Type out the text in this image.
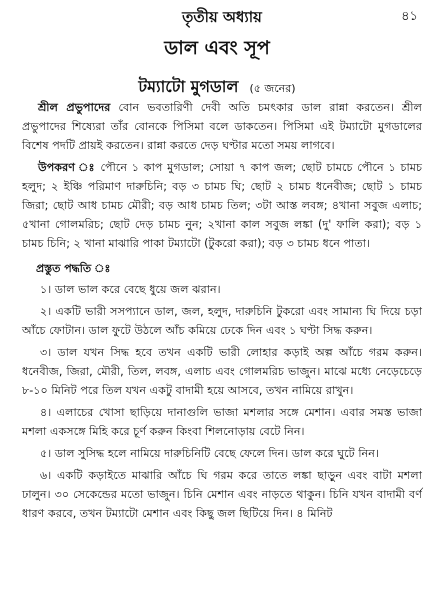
তৃতীয় অধ্যায়	৪১
ডাল এবং সূপ
টম্যাটো মুগডাল (৫ জনের)

শ্রীল প্রভুপাদের বোন ভবতারিণী দেবী অতি চমৎকার ডাল রান্না করতেন। শ্রীল প্রভুপাদের শিষ্যেরা তাঁর বোনকে পিসিমা বলে ডাকতেন। পিসিমা এই টম্যাটো মুগডালের বিশেষ পদটি প্রায়ই করতেন। রান্না করতে দেড় ঘণ্টার মতো সময় লাগবে।

উপকরণ ঃ পৌনে ১ কাপ মুগডাল; সোয়া ৭ কাপ জল; ছোট চামচে পৌনে ১ চামচ হলুদ; ২ ইঞ্চি পরিমাণ দারুচিনি; বড় ৩ চামচ ঘি; ছোট ২ চামচ ধনেবীজ; ছোট ১ চামচ জিরা; ছোট আধ চামচ মৌরী; বড় আধ চামচ তিল; ৩টা আস্ত লবঙ্গ; ৪খানা সবুজ এলাচ; ৫খানা গোলমরিচ; ছোট দেড় চামচ নুন; ২খানা কাল সবুজ লঙ্কা (দু' ফালি করা); বড় ১ চামচ চিনি; ২ খানা মাঝারি পাকা টম্যাটো (টুকরো করা); বড় ৩ চামচ ধনে পাতা।

প্রস্তুত পদ্ধতি ঃ

১। ডাল ভাল করে বেছে ধুয়ে জল ঝরান।

২। একটি ভারী সসপ্যানে ডাল, জল, হলুদ, দারুচিনি টুকরো এবং সামান্য ঘি দিয়ে চড়া আঁচে ফোটান। ডাল ফুটে উঠলে আঁচ কমিয়ে ঢেকে দিন এবং ১ ঘণ্টা সিদ্ধ করুন।

৩। ডাল যখন সিদ্ধ হবে তখন একটি ভারী লোহার কড়াই অল্প আঁচে গরম করুন। ধনেবীজ, জিরা, মৌরী, তিল, লবঙ্গ, এলাচ এবং গোলমরিচ ভাজুন। মাঝে মধ্যে নেড়েচেড়ে ৮-১০ মিনিট পরে তিল যখন একটু বাদামী হয়ে আসবে, তখন নামিয়ে রাখুন।

৪। এলাচের খোসা ছাড়িয়ে দানাগুলি ভাজা মশলার সঙ্গে মেশান। এবার সমস্ত ভাজা মশলা একসঙ্গে মিহি করে চূর্ণ করুন কিংবা শিলনোড়ায় বেটে নিন।

৫। ডাল সুসিদ্ধ হলে নামিয়ে দারুচিনিটি বেছে ফেলে দিন। ডাল করে ঘুটে নিন।

৬। একটি কড়াইতে মাঝারি আঁচে ঘি গরম করে তাতে লঙ্কা ছাড়ুন এবং বাটা মশলা ঢালুন। ৩০ সেকেন্ডের মতো ভাজুন। চিনি মেশান এবং নাড়তে থাকুন। চিনি যখন বাদামী বর্ণ ধারণ করবে, তখন টম্যাটো মেশান এবং কিছু জল ছিটিয়ে দিন। ৪ মিনিট
